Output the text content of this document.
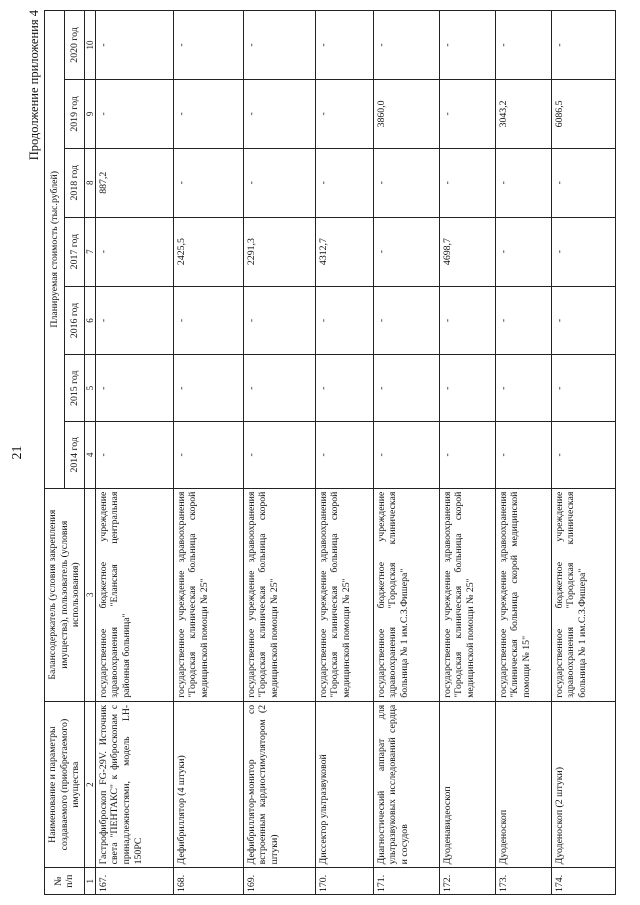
21
Продолжение приложения 4
№ п/п	Наименование и параметры создаваемого (приобретаемого) имущества	Балансодержатель (условия закрепления имущества), пользователь (условия использования)	Планируемая стоимость (тыс.рублей)						
			2014 год	2015 год	2016 год	2017 год	2018 год	2019 год	2020 год
1	2	3	4	5	6	7	8	9	10
167.	Гастрофиброскоп FG-29V. Источник света "ПЕНТАКС" к фиброскопам с принадлежностями, модель LH-150PC	государственное бюджетное учреждение здравоохранения "Еланская центральная районная больница"	-	-	-	-	887,2	-	-
168.	Дефибриллятор (4 штуки)	государственное учреждение здравоохранения "Городская клиническая больница скорой медицинской помощи № 25"	-	-	-	2425,5	-	-	-
169.	Дефибриллятор-монитор со встроенным кардиостимулятором (2 штуки)	государственное учреждение здравоохранения "Городская клиническая больница скорой медицинской помощи № 25"	-	-	-	2291,3	-	-	-
170.	Диссектор ультразвуковой	государственное учреждение здравоохранения "Городская клиническая больница скорой медицинской помощи № 25"	-	-	-	4312,7	-	-	-
171.	Диагностический аппарат для ультразвуковых исследований сердца и сосудов	государственное бюджетное учреждение здравоохранения "Городская клиническая больница № 1 им.С.З.Фишера"	-	-	-	-	-	3860,0	-
172.	Дуоденавидеоскоп	государственное учреждение здравоохранения "Городская клиническая больница скорой медицинской помощи № 25"	-	-	-	4698,7	-	-	-
173.	Дуоденоскоп	государственное учреждение здравоохранения "Клиническая больница скорой медицинской помощи № 15"	-	-	-	-	-	3043,2	-
174.	Дуоденоскоп (2 штуки)	государственное бюджетное учреждение здравоохранения "Городская клиническая больница № 1 им.С.З.Фишера"	-	-	-	-	-	6086,5	-
